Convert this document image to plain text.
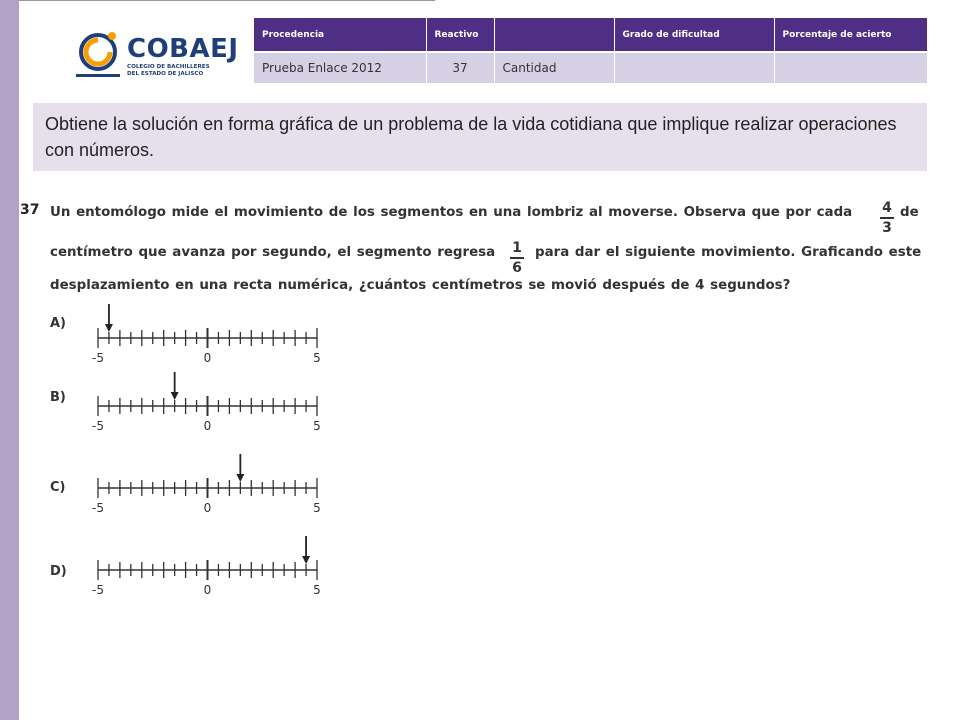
COBAEJ
COLEGIO DE BACHILLERES
DEL ESTADO DE JALISCO
Procedencia	Reactivo		Grado de dificultad	Porcentaje de acierto
Prueba Enlace 2012	37	Cantidad		
Obtiene la solución en forma gráfica de un problema de la vida cotidiana que implique realizar operaciones con números.
37 Un entomólogo mide el movimiento de los segmentos en una lombriz al moverse. Observa que por cada 4
3
de
centímetro que avanza por segundo, el segmento regresa 1
6
para dar el siguiente movimiento. Graficando este
desplazamiento en una recta numérica, ¿cuántos centímetros se movió después de 4 segundos?
A)
-5	0	5
B)
-5	0	5
C)
-5	0	5
D)
-5	0	5
